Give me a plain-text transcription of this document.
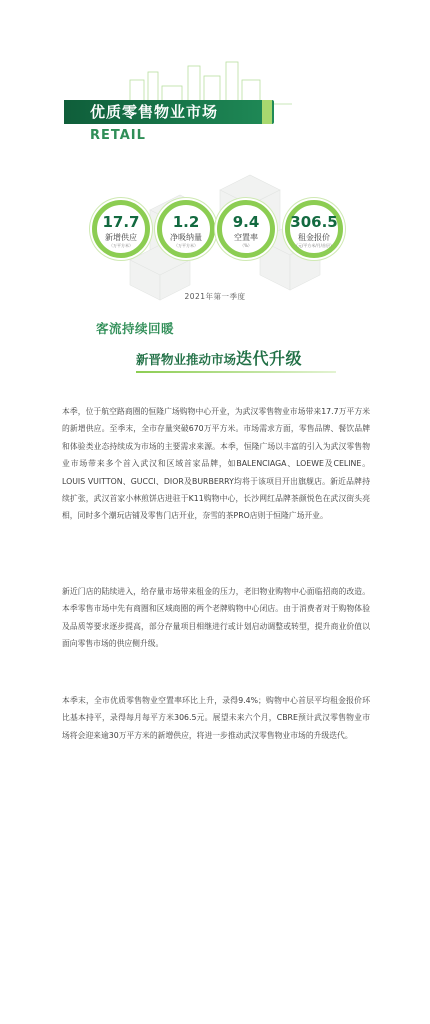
优质零售物业市场
RETAIL
17.7
新增供应
（万平方米）
1.2
净吸纳量
（万平方米）
9.4
空置率
（%）
306.5
租金报价
（元/平方米/月/首层）
2021年第一季度
客流持续回暖
新晋物业推动市场迭代升级

本季，位于航空路商圈的恒隆广场购物中心开业，为武汉零售物业市场带来17.7万平方米的新增供应。至季末，全市存量突破670万平方米。市场需求方面，零售品牌、餐饮品牌和体验类业态持续成为市场的主要需求来源。本季，恒隆广场以丰富的引入为武汉零售物业市场带来多个首入武汉和区域首家品牌，如BALENCIAGA、LOEWE及CELINE。LOUIS VUITTON、GUCCI、DIOR及BURBERRY均将于该项目开出旗舰店。新近品牌持续扩张，武汉首家小林煎饼店进驻于K11购物中心，长沙网红品牌茶颜悦色在武汉街头亮相，同时多个潮玩店铺及零售门店开业，奈雪的茶PRO店则于恒隆广场开业。

新近门店的陆续进入，给存量市场带来租金的压力，老旧物业购物中心面临招商的改造。本季零售市场中先有商圈和区域商圈的两个老牌购物中心闭店。由于消费者对于购物体验及品质等要求逐步提高，部分存量项目相继进行或计划启动调整或转型，提升商业价值以面向零售市场的供应侧升级。

本季末，全市优质零售物业空置率环比上升，录得9.4%；购物中心首层平均租金报价环比基本持平，录得每月每平方米306.5元。展望未来六个月，CBRE预计武汉零售物业市场将会迎来逾30万平方米的新增供应，将进一步推动武汉零售物业市场的升级迭代。
